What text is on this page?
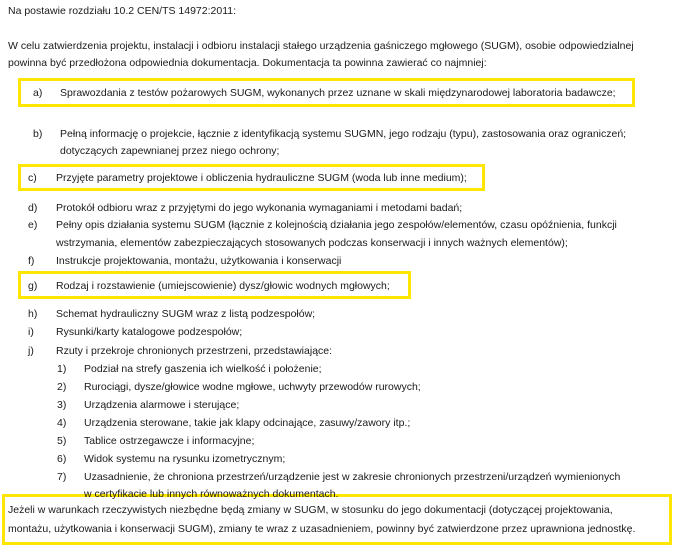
Na postawie rozdziału 10.2 CEN/TS 14972:2011:
W celu zatwierdzenia projektu, instalacji i odbioru instalacji stałego urządzenia gaśniczego mgłowego (SUGM), osobie odpowiedzialnej
powinna być przedłożona odpowiednia dokumentacja. Dokumentacja ta powinna zawierać co najmniej:
a) Sprawozdania z testów pożarowych SUGM, wykonanych przez uznane w skali międzynarodowej laboratoria badawcze;
b) Pełną informację o projekcie, łącznie z identyfikacją systemu SUGMN, jego rodzaju (typu), zastosowania oraz ograniczeń;
dotyczących zapewnianej przez niego ochrony;
c) Przyjęte parametry projektowe i obliczenia hydrauliczne SUGM (woda lub inne medium);
d) Protokół odbioru wraz z przyjętymi do jego wykonania wymaganiami i metodami badań;
e) Pełny opis działania systemu SUGM (łącznie z kolejnością działania jego zespołów/elementów, czasu opóźnienia, funkcji
wstrzymania, elementów zabezpieczających stosowanych podczas konserwacji i innych ważnych elementów);
f) Instrukcje projektowania, montażu, użytkowania i konserwacji
g) Rodzaj i rozstawienie (umiejscowienie) dysz/głowic wodnych mgłowych;
h) Schemat hydrauliczny SUGM wraz z listą podzespołów;
i) Rysunki/karty katalogowe podzespołów;
j) Rzuty i przekroje chronionych przestrzeni, przedstawiające:
1) Podział na strefy gaszenia ich wielkość i położenie;
2) Rurociągi, dysze/głowice wodne mgłowe, uchwyty przewodów rurowych;
3) Urządzenia alarmowe i sterujące;
4) Urządzenia sterowane, takie jak klapy odcinające, zasuwy/zawory itp.;
5) Tablice ostrzegawcze i informacyjne;
6) Widok systemu na rysunku izometrycznym;
7) Uzasadnienie, że chroniona przestrzeń/urządzenie jest w zakresie chronionych przestrzeni/urządzeń wymienionych
w certyfikacie lub innych równoważnych dokumentach.
Jeżeli w warunkach rzeczywistych niezbędne będą zmiany w SUGM, w stosunku do jego dokumentacji (dotyczącej projektowania,
montażu, użytkowania i konserwacji SUGM), zmiany te wraz z uzasadnieniem, powinny być zatwierdzone przez uprawniona jednostkę.
